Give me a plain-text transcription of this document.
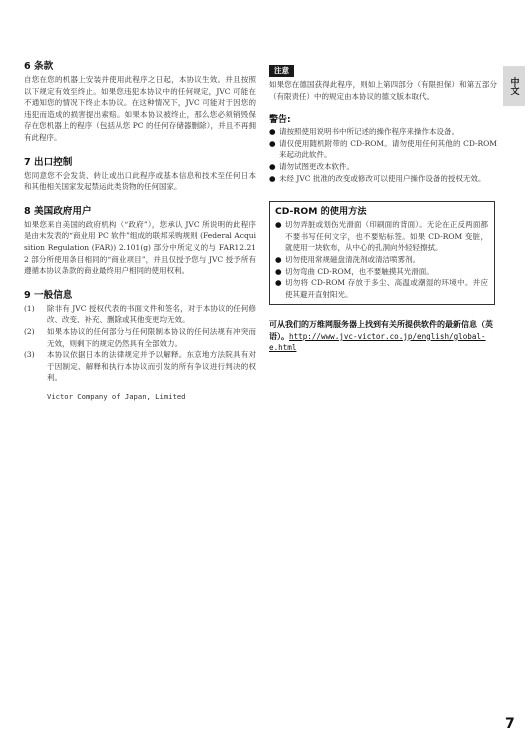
6 条款

自您在您的机器上安装并使用此程序之日起，本协议生效。并且按照以下规定有效至终止。如果您违犯本协议中的任何规定，JVC 可能在不通知您的情况下终止本协议。在这种情况下，JVC 可能对于因您的违犯而造成的损害提出索赔。如果本协议被终止，那么您必须销毁保存在您机器上的程序（包括从您 PC 的任何存储器删除），并且不再拥有此程序。

7 出口控制

您同意您不会发货、转让或出口此程序或基本信息和技术至任何日本和其他相关国家发起禁运此类货物的任何国家。

8 美国政府用户

如果您来自美国的政府机构（“政府”），您承认 JVC 所说明的此程序是由未发表的“商业用 PC 软件”组成的联邦采购规则 (Federal Acquisition Regulation (FAR)) 2.101(g) 部分中所定义的与 FAR12.212 部分所使用条目相同的“商业项目”，并且仅授予您与 JVC 授予所有遵循本协议条款的商业最终用户相同的使用权利。

9 一般信息
(1) 除非有 JVC 授权代表的书面文件和签名，对于本协议的任何修改、改变、补充、删除或其他变更均无效。

(2) 如果本协议的任何部分与任何限制本协议的任何法规有冲突而无效，则剩下的规定仍然具有全部效力。

(3) 本协议依据日本的法律规定并予以解释。东京地方法院具有对于因制定、解释和执行本协议而引发的所有争议进行判决的权利。

Victor Company of Japan, Limited
注意

如果您在德国获得此程序，则如上第四部分（有限担保）和第五部分（有限责任）中的规定由本协议的德文版本取代。

警告:
● 请按照使用说明书中所记述的操作程序来操作本设备。

● 请仅使用随机附带的 CD-ROM。请勿使用任何其他的 CD-ROM 来起动此软件。

● 请勿试图更改本软件。

● 未经 JVC 批准的改变或修改可以使用户操作设备的授权无效。

CD-ROM 的使用方法
● 切勿弄脏或划伤光滑面（印刷面的背面）。无论在正反两面都不要书写任何文字，也不要贴标签。如果 CD-ROM 变脏，就使用一块软布，从中心的孔洞向外轻轻擦拭。

● 切勿使用常规磁盘清洗剂或清洁喷雾剂。

● 切勿弯曲 CD-ROM，也不要触摸其光滑面。

● 切勿将 CD-ROM 存放于多尘、高温或潮湿的环境中。并应使其避开直射阳光。

可从我们的万维网服务器上找到有关所提供软件的最新信息（英语）。http://www.jvc-victor.co.jp/english/global-e.html
中文
7
